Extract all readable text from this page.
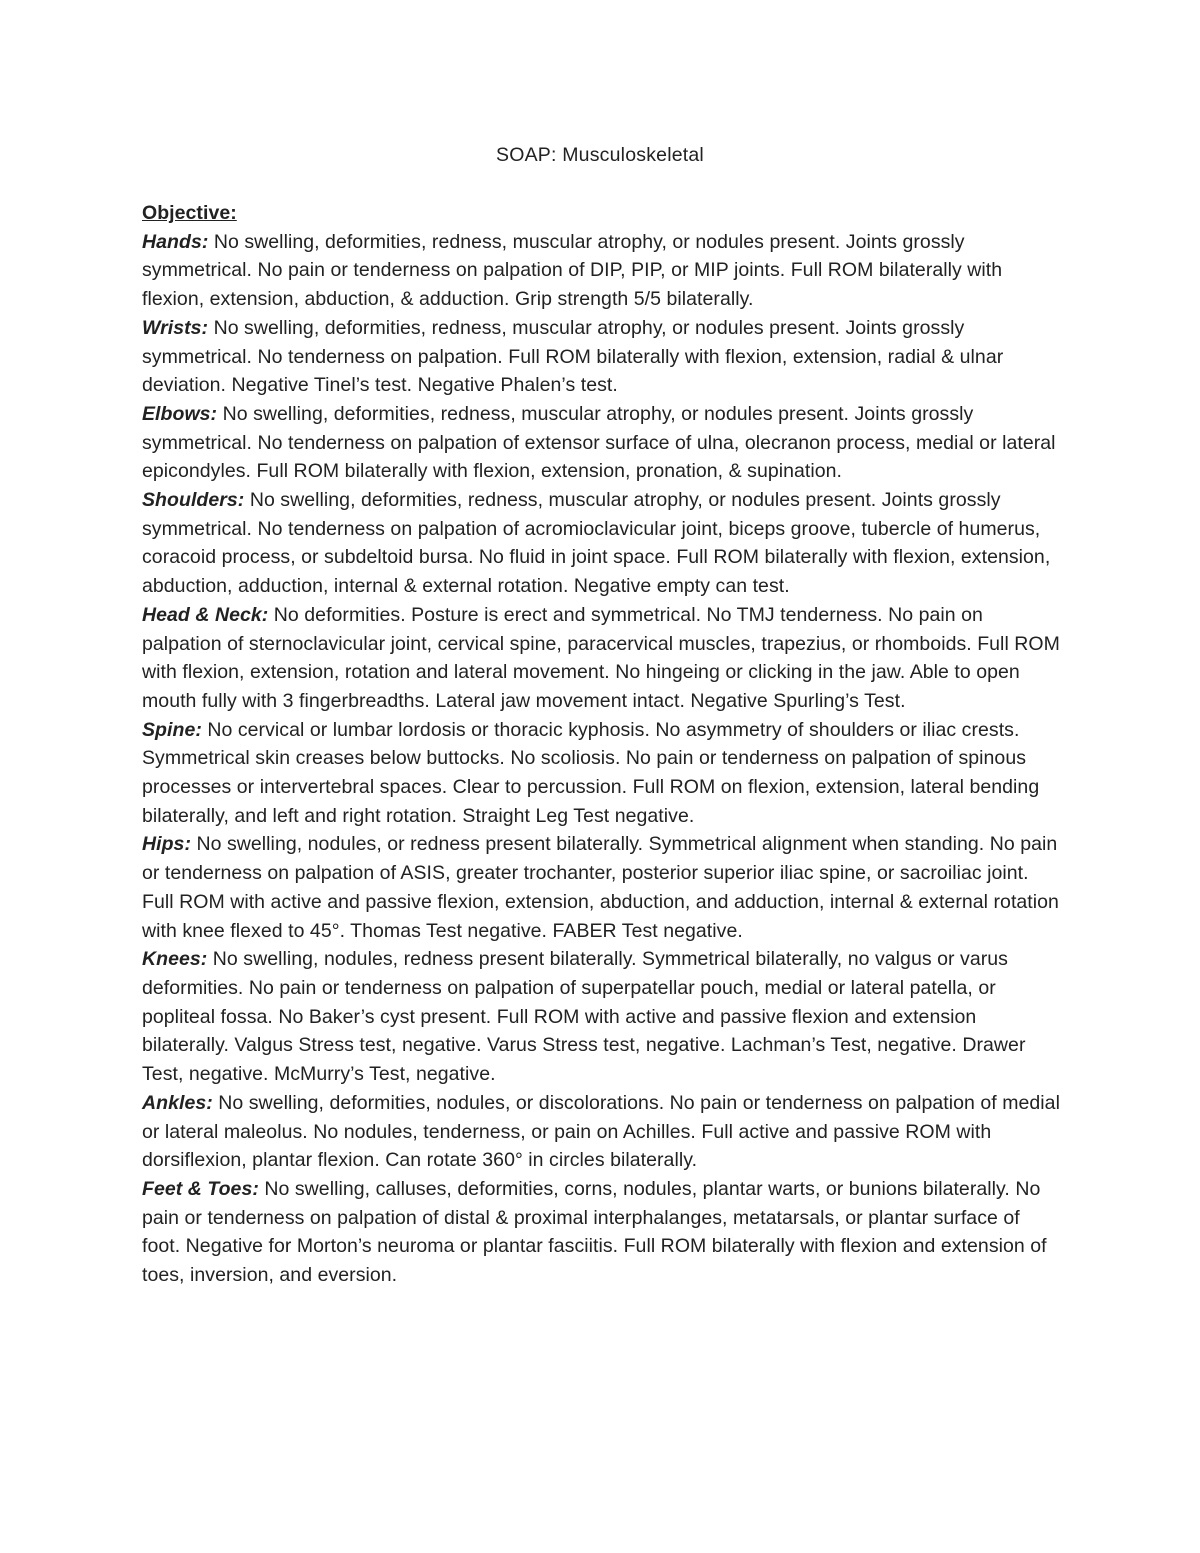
SOAP: Musculoskeletal
Objective:

Hands: No swelling, deformities, redness, muscular atrophy, or nodules present. Joints grossly symmetrical. No pain or tenderness on palpation of DIP, PIP, or MIP joints. Full ROM bilaterally with flexion, extension, abduction, & adduction. Grip strength 5/5 bilaterally.

Wrists: No swelling, deformities, redness, muscular atrophy, or nodules present. Joints grossly symmetrical. No tenderness on palpation. Full ROM bilaterally with flexion, extension, radial & ulnar deviation. Negative Tinel’s test. Negative Phalen’s test.

Elbows: No swelling, deformities, redness, muscular atrophy, or nodules present. Joints grossly symmetrical. No tenderness on palpation of extensor surface of ulna, olecranon process, medial or lateral epicondyles. Full ROM bilaterally with flexion, extension, pronation, & supination.

Shoulders: No swelling, deformities, redness, muscular atrophy, or nodules present. Joints grossly symmetrical. No tenderness on palpation of acromioclavicular joint, biceps groove, tubercle of humerus, coracoid process, or subdeltoid bursa. No fluid in joint space. Full ROM bilaterally with flexion, extension, abduction, adduction, internal & external rotation. Negative empty can test.

Head & Neck: No deformities. Posture is erect and symmetrical. No TMJ tenderness. No pain on palpation of sternoclavicular joint, cervical spine, paracervical muscles, trapezius, or rhomboids. Full ROM with flexion, extension, rotation and lateral movement. No hingeing or clicking in the jaw. Able to open mouth fully with 3 fingerbreadths. Lateral jaw movement intact. Negative Spurling’s Test.

Spine: No cervical or lumbar lordosis or thoracic kyphosis. No asymmetry of shoulders or iliac crests. Symmetrical skin creases below buttocks. No scoliosis. No pain or tenderness on palpation of spinous processes or intervertebral spaces. Clear to percussion. Full ROM on flexion, extension, lateral bending bilaterally, and left and right rotation. Straight Leg Test negative.

Hips: No swelling, nodules, or redness present bilaterally. Symmetrical alignment when standing. No pain or tenderness on palpation of ASIS, greater trochanter, posterior superior iliac spine, or sacroiliac joint. Full ROM with active and passive flexion, extension, abduction, and adduction, internal & external rotation with knee flexed to 45°. Thomas Test negative. FABER Test negative.

Knees: No swelling, nodules, redness present bilaterally. Symmetrical bilaterally, no valgus or varus deformities. No pain or tenderness on palpation of superpatellar pouch, medial or lateral patella, or popliteal fossa. No Baker’s cyst present. Full ROM with active and passive flexion and extension bilaterally. Valgus Stress test, negative. Varus Stress test, negative. Lachman’s Test, negative. Drawer Test, negative. McMurry’s Test, negative.

Ankles: No swelling, deformities, nodules, or discolorations. No pain or tenderness on palpation of medial or lateral maleolus. No nodules, tenderness, or pain on Achilles. Full active and passive ROM with dorsiflexion, plantar flexion. Can rotate 360° in circles bilaterally.

Feet & Toes: No swelling, calluses, deformities, corns, nodules, plantar warts, or bunions bilaterally. No pain or tenderness on palpation of distal & proximal interphalanges, metatarsals, or plantar surface of foot. Negative for Morton’s neuroma or plantar fasciitis. Full ROM bilaterally with flexion and extension of toes, inversion, and eversion.
